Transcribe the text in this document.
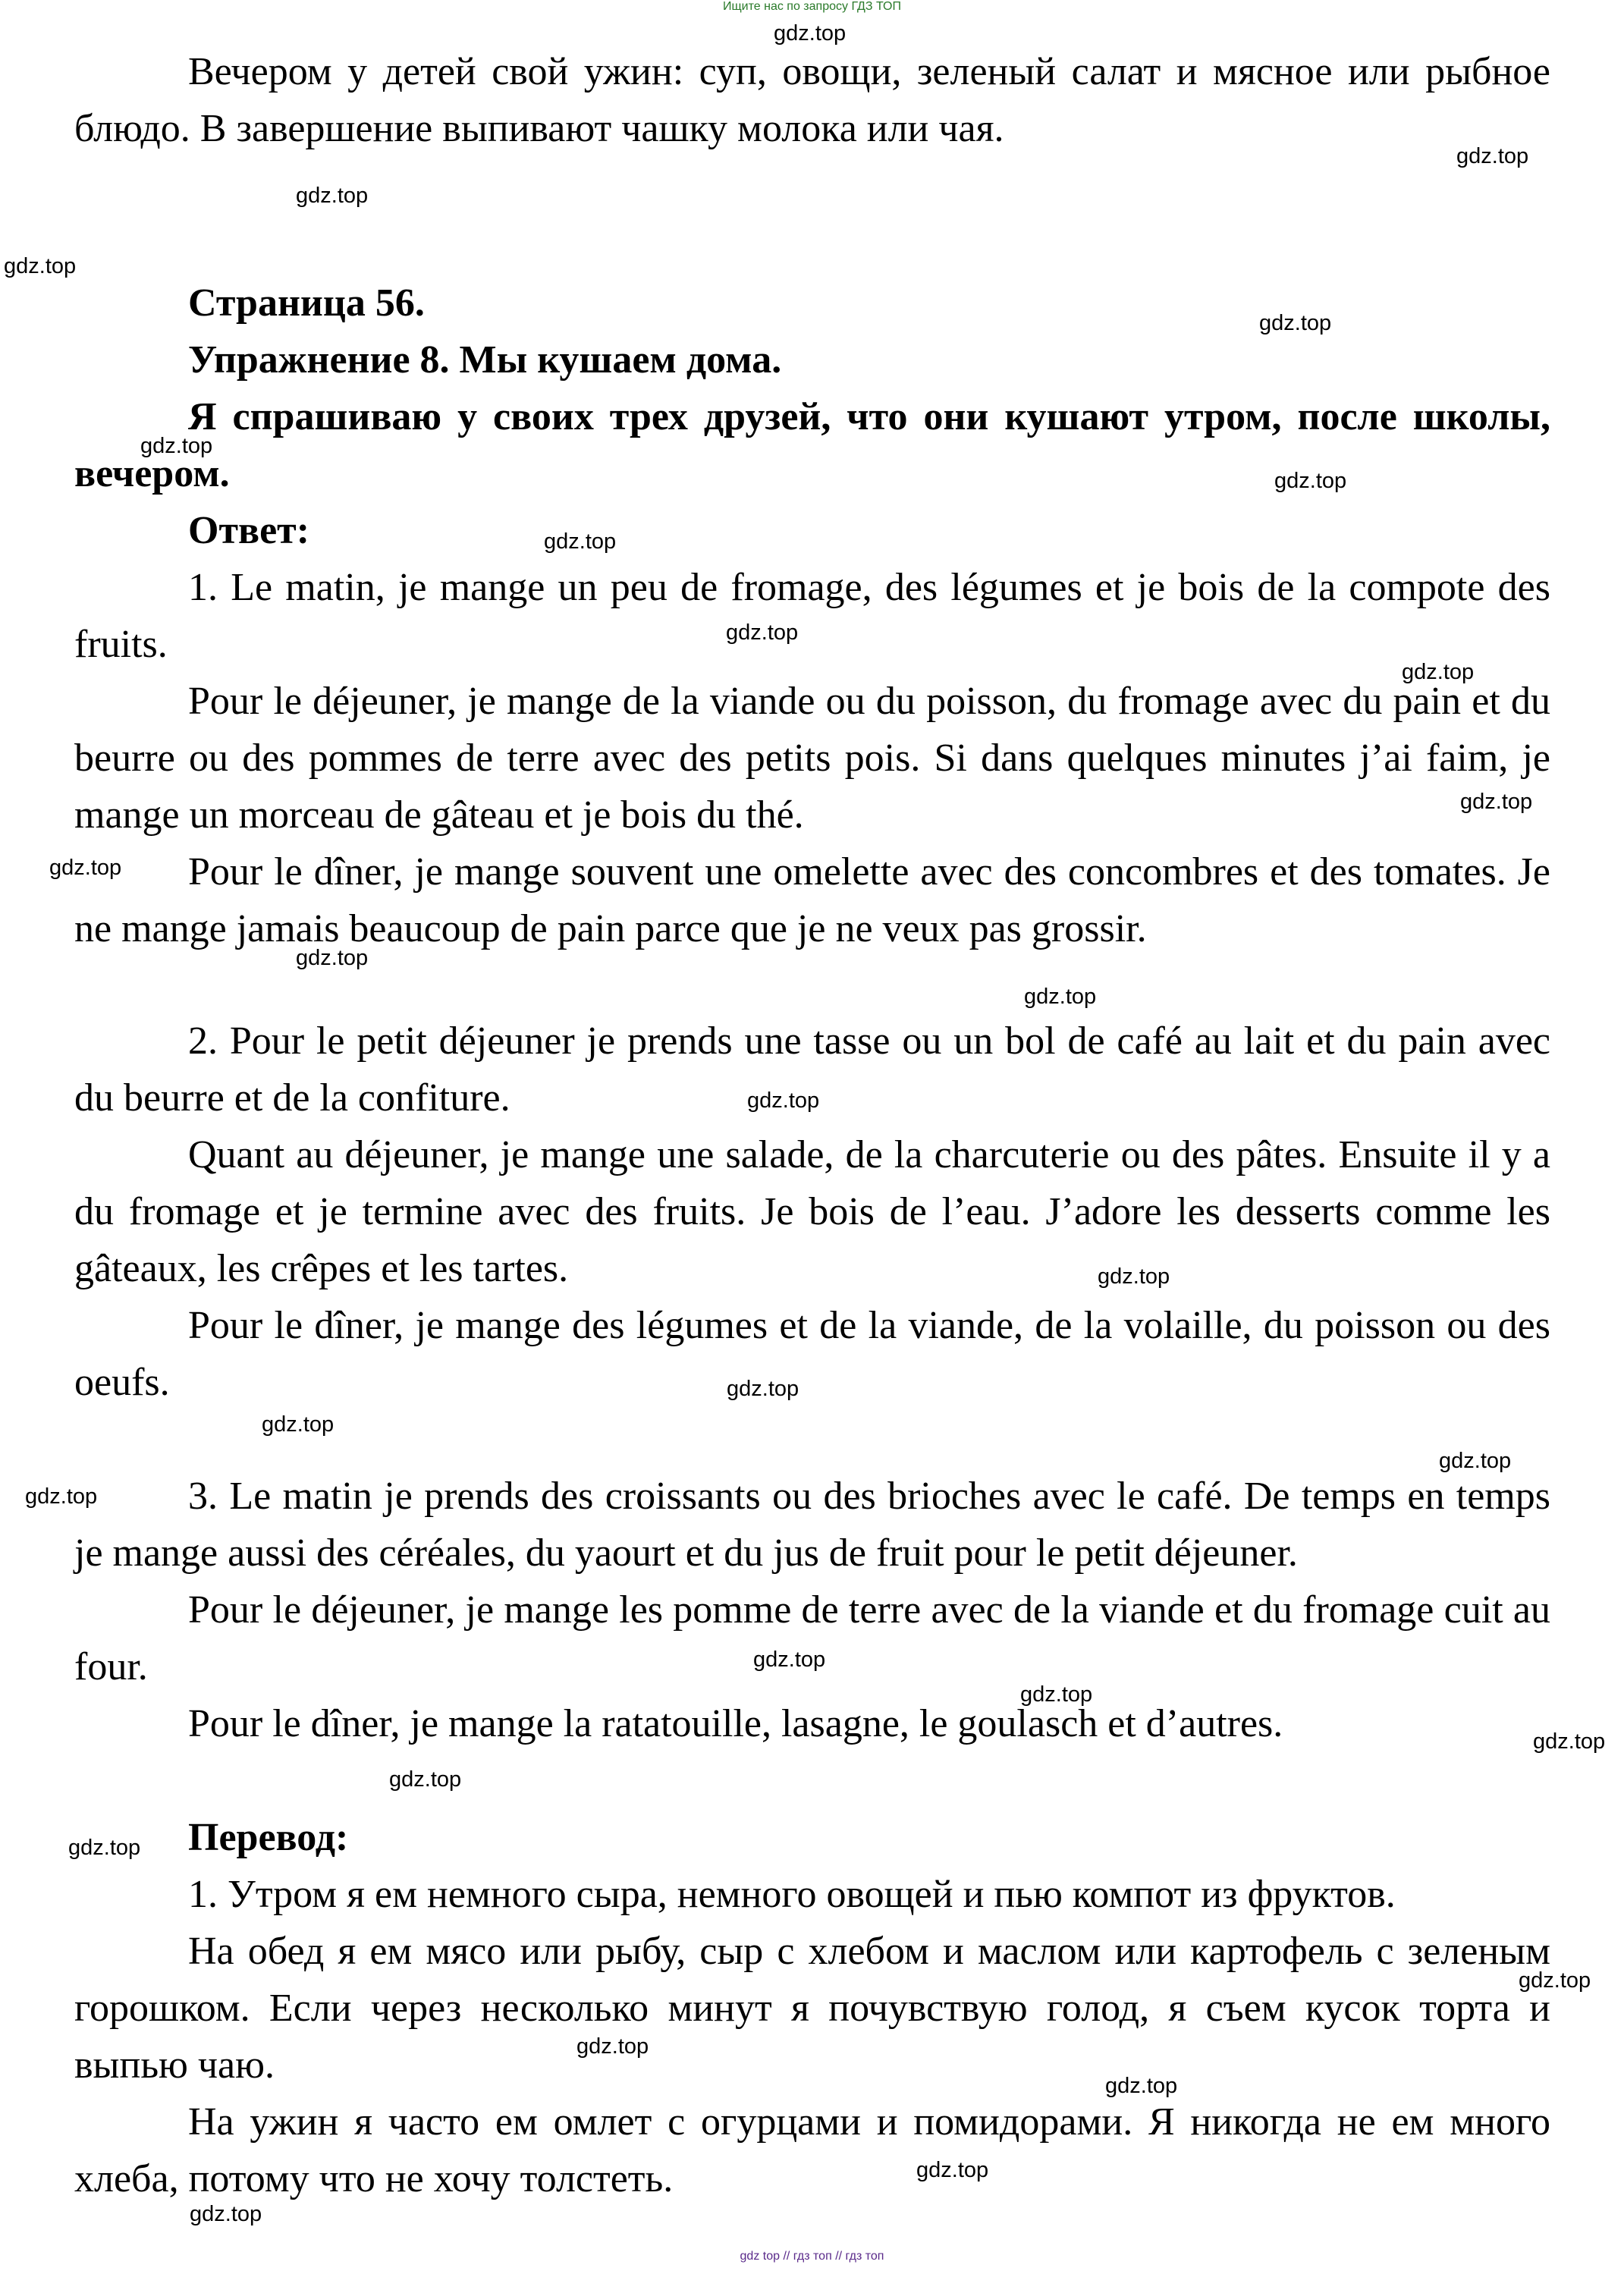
Ищите нас по запросу ГДЗ ТОП

Вечером у детей свой ужин: суп, овощи, зеленый салат и мясное или рыбное блюдо. В завершение выпивают чашку молока или чая.

Страница 56.

Упражнение 8. Мы кушаем дома.

Я спрашиваю у своих трех друзей, что они кушают утром, после школы, вечером.

Ответ:

1. Le matin, je mange un peu de fromage, des légumes et je bois de la compote des fruits.

Pour le déjeuner, je mange de la viande ou du poisson, du fromage avec du pain et du beurre ou des pommes de terre avec des petits pois. Si dans quelques minutes j’ai faim, je mange un morceau de gâteau et je bois du thé.

Pour le dîner, je mange souvent une omelette avec des concombres et des tomates. Je ne mange jamais beaucoup de pain parce que je ne veux pas grossir.

2. Pour le petit déjeuner je prends une tasse ou un bol de café au lait et du pain avec du beurre et de la confiture.

Quant au déjeuner, je mange une salade, de la charcuterie ou des pâtes. Ensuite il y a du fromage et je termine avec des fruits. Je bois de l’eau. J’adore les desserts comme les gâteaux, les crêpes et les tartes.

Pour le dîner, je mange des légumes et de la viande, de la volaille, du poisson ou des oeufs.

3. Le matin je prends des croissants ou des brioches avec le café. De temps en temps je mange aussi des céréales, du yaourt et du jus de fruit pour le petit déjeuner.

Pour le déjeuner, je mange les pomme de terre avec de la viande et du fromage cuit au four.

Pour le dîner, je mange la ratatouille, lasagne, le goulasch et d’autres.

Перевод:

1. Утром я ем немного сыра, немного овощей и пью компот из фруктов.

На обед я ем мясо или рыбу, сыр с хлебом и маслом или картофель с зеленым горошком. Если через несколько минут я почувствую голод, я съем кусок торта и выпью чаю.

На ужин я часто ем омлет с огурцами и помидорами. Я никогда не ем много хлеба, потому что не хочу толстеть.

gdz.top
gdz.top
gdz.top
gdz.top
gdz.top
gdz.top
gdz.top
gdz.top
gdz.top
gdz.top
gdz.top
gdz.top
gdz.top
gdz.top
gdz.top
gdz.top
gdz.top
gdz.top
gdz.top
gdz.top
gdz.top
gdz.top
gdz.top
gdz.top
gdz.top
gdz.top
gdz.top
gdz.top
gdz.top
gdz.top
gdz top // гдз топ // гдз топ
